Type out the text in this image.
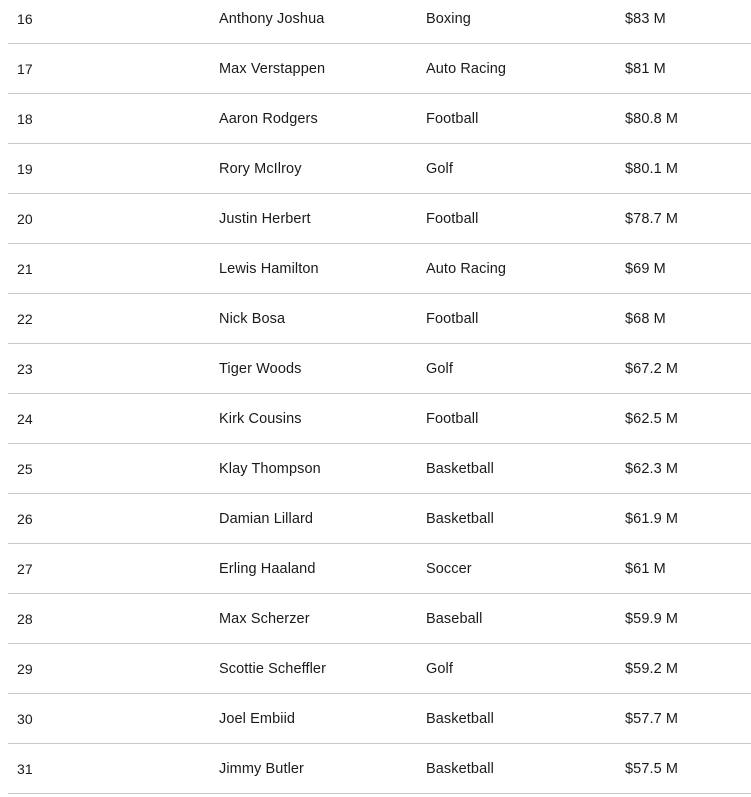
16	Anthony Joshua	Boxing	$83 M
17	Max Verstappen	Auto Racing	$81 M
18	Aaron Rodgers	Football	$80.8 M
19	Rory McIlroy	Golf	$80.1 M
20	Justin Herbert	Football	$78.7 M
21	Lewis Hamilton	Auto Racing	$69 M
22	Nick Bosa	Football	$68 M
23	Tiger Woods	Golf	$67.2 M
24	Kirk Cousins	Football	$62.5 M
25	Klay Thompson	Basketball	$62.3 M
26	Damian Lillard	Basketball	$61.9 M
27	Erling Haaland	Soccer	$61 M
28	Max Scherzer	Baseball	$59.9 M
29	Scottie Scheffler	Golf	$59.2 M
30	Joel Embiid	Basketball	$57.7 M
31	Jimmy Butler	Basketball	$57.5 M
